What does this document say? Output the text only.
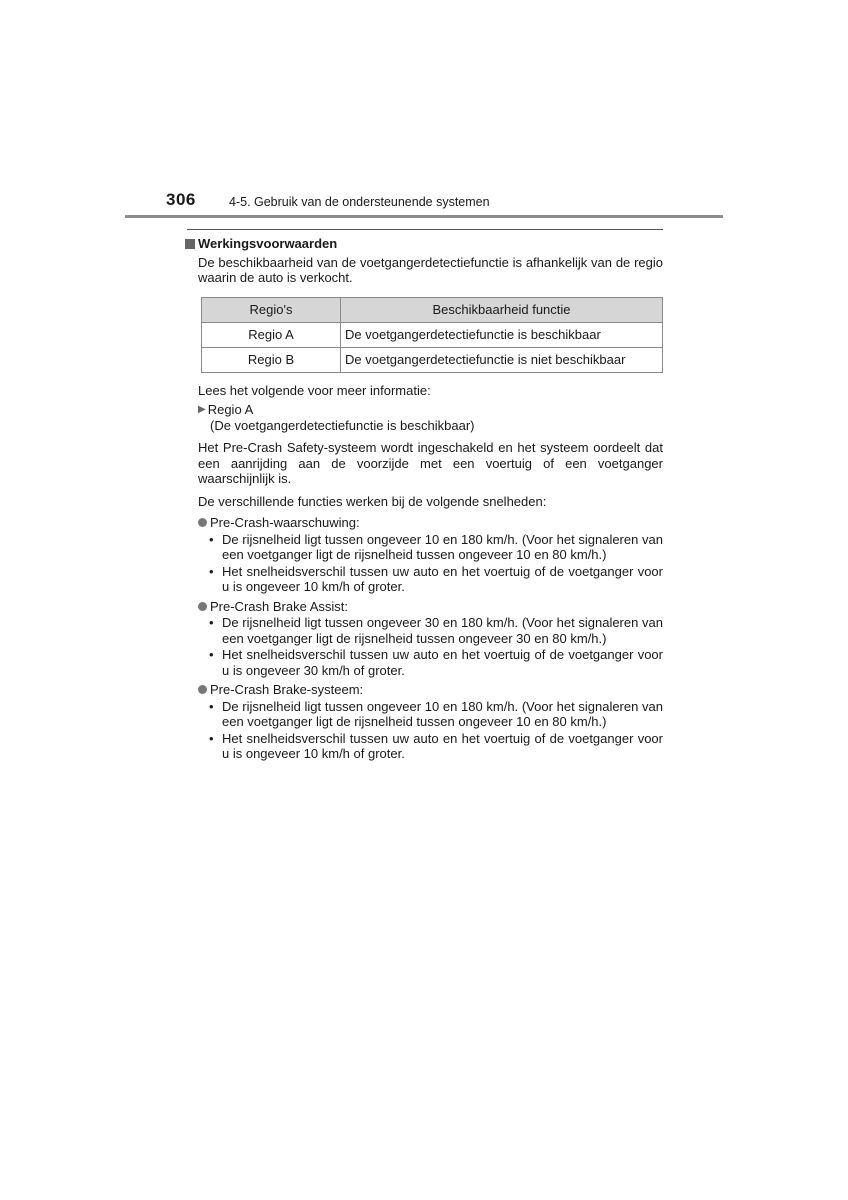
306	4-5. Gebruik van de ondersteunende systemen
Werkingsvoorwaarden
De beschikbaarheid van de voetgangerdetectiefunctie is afhankelijk van de regio waarin de auto is verkocht.
Regio's	Beschikbaarheid functie
Regio A	De voetgangerdetectiefunctie is beschikbaar
Regio B	De voetgangerdetectiefunctie is niet beschikbaar
Lees het volgende voor meer informatie:
▶ Regio A
(De voetgangerdetectiefunctie is beschikbaar)
Het Pre-Crash Safety-systeem wordt ingeschakeld en het systeem oordeelt dat een aanrijding aan de voorzijde met een voertuig of een voetganger waarschijnlijk is.
De verschillende functies werken bij de volgende snelheden:
Pre-Crash-waarschuwing:
• De rijsnelheid ligt tussen ongeveer 10 en 180 km/h. (Voor het signaleren van een voetganger ligt de rijsnelheid tussen ongeveer 10 en 80 km/h.)
• Het snelheidsverschil tussen uw auto en het voertuig of de voetganger voor u is ongeveer 10 km/h of groter.
Pre-Crash Brake Assist:
• De rijsnelheid ligt tussen ongeveer 30 en 180 km/h. (Voor het signaleren van een voetganger ligt de rijsnelheid tussen ongeveer 30 en 80 km/h.)
• Het snelheidsverschil tussen uw auto en het voertuig of de voetganger voor u is ongeveer 30 km/h of groter.
Pre-Crash Brake-systeem:
• De rijsnelheid ligt tussen ongeveer 10 en 180 km/h. (Voor het signaleren van een voetganger ligt de rijsnelheid tussen ongeveer 10 en 80 km/h.)
• Het snelheidsverschil tussen uw auto en het voertuig of de voetganger voor u is ongeveer 10 km/h of groter.
